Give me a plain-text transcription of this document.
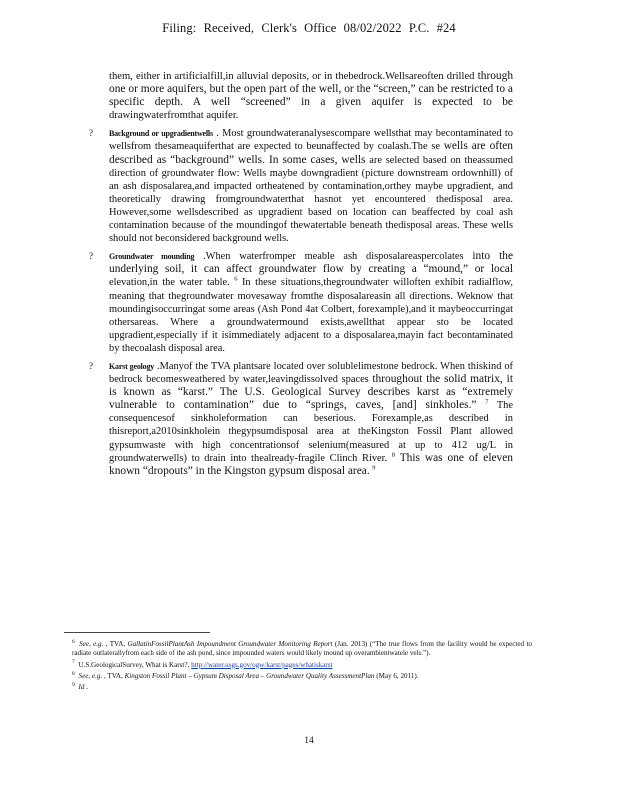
Filing: Received, Clerk's Office 08/02/2022 P.C. #24

them, either in artificialfill,in alluvial deposits, or in thebedrock.Wellsareoften drilled through one or more aquifers, but the open part of the well, or the “screen,” can be restricted to a specific depth. A well “screened” in a given aquifer is expected to be drawingwaterfromthat aquifer.

? Background or upgradientwells . Most groundwateranalysescompare wellsthat may becontaminated to wellsfrom thesameaquiferthat are expected to beunaffected by coalash.The se wells are often described as “background” wells. In some cases, wells are selected based on theassumed direction of groundwater flow: Wells maybe downgradient (picture downstream ordownhill) of an ash disposalarea,and impacted ortheatened by contamination,orthey maybe upgradient, and theoretically drawing fromgroundwaterthat hasnot yet encountered thedisposal area. However,some wellsdescribed as upgradient based on location can beaffected by coal ash contamination because of the moundingof thewatertable beneath thedisposal areas. These wells should not beconsidered background wells.

? Groundwater mounding .When waterfromper meable ash disposalareaspercolates into the underlying soil, it can affect groundwater flow by creating a “mound,” or local elevation,in the water table. $^6$ In these situations,thegroundwater willoften exhibit radialflow, meaning that thegroundwater movesaway fromthe disposalareasin all directions. Weknow that moundingisoccurringat some areas (Ash Pond 4at Colbert, forexample),and it maybeoccurringat othersareas. Where a groundwatermound exists,awellthat appear sto be located upgradient,especially if it isimmediately adjacent to a disposalarea,mayin fact becontaminated by thecoalash disposal area.

? Karst geology .Manyof the TVA plantsare located over solublelimestone bedrock. When thiskind of bedrock becomesweathered by water,leavingdissolved spaces throughout the solid matrix, it is known as “karst.” The U.S. Geological Survey describes karst as “extremely vulnerable to contamination” due to “springs, caves, [and] sinkholes.” $^7$ The consequencesof sinkholeformation can beserious. Forexample,as described in thisreport,a2010sinkholein thegypsumdisposal area at theKingston Fossil Plant allowed gypsumwaste with high concentrationsof selenium(measured at up to 412 ug/L in groundwaterwells) to drain into thealready-fragile Clinch River. $^8$ This was one of eleven known “dropouts” in the Kingston gypsum disposal area. $^9$

$^6$ See, e.g. , TVA, GallatinFossilPlantAsh Impoundment Groundwater Monitoring Report (Jan. 2013) (“The true flows from the facility would be expected to radiate outlaterallyfrom each side of the ash pond, since impounded waters would likely mound up overambientwatele vels.”).

$^7$ U.S.GeologicalSurvey, What is Karst?, http://water.usgs.gov/ogw/karst/pages/whatiskarst

$^8$ See, e.g. , TVA, Kingston Fossil Plant – Gypsum Disposal Area – Groundwater Quality AssessmentPlan (May 6, 2011).

$^9$ Id .

14
